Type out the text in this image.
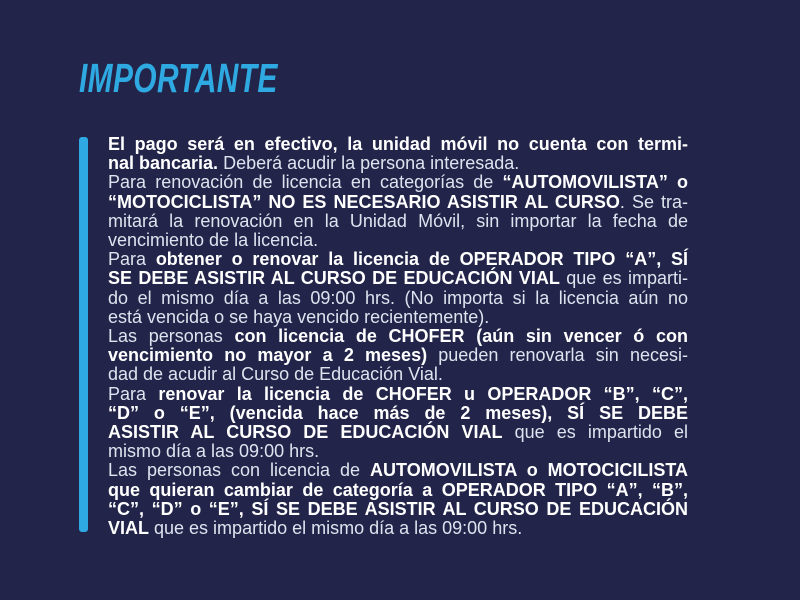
IMPORTANTE
El pago será en efectivo, la unidad móvil no cuenta con termi-
nal bancaria. Deberá acudir la persona interesada.
Para renovación de licencia en categorías de “AUTOMOVILISTA” o
“MOTOCICLISTA” NO ES NECESARIO ASISTIR AL CURSO. Se tra-
mitará la renovación en la Unidad Móvil, sin importar la fecha de
vencimiento de la licencia.
Para obtener o renovar la licencia de OPERADOR TIPO “A”, SÍ
SE DEBE ASISTIR AL CURSO DE EDUCACIÓN VIAL que es imparti-
do el mismo día a las 09:00 hrs. (No importa si la licencia aún no
está vencida o se haya vencido recientemente).
Las personas con licencia de CHOFER (aún sin vencer ó con
vencimiento no mayor a 2 meses) pueden renovarla sin necesi-
dad de acudir al Curso de Educación Vial.
Para renovar la licencia de CHOFER u OPERADOR “B”, “C”,
“D” o “E”, (vencida hace más de 2 meses), SÍ SE DEBE
ASISTIR AL CURSO DE EDUCACIÓN VIAL que es impartido el
mismo día a las 09:00 hrs.
Las personas con licencia de AUTOMOVILISTA o MOTOCICILISTA
que quieran cambiar de categoría a OPERADOR TIPO “A”, “B”,
“C”, “D” o “E”, SÍ SE DEBE ASISTIR AL CURSO DE EDUCACIÓN
VIAL que es impartido el mismo día a las 09:00 hrs.
